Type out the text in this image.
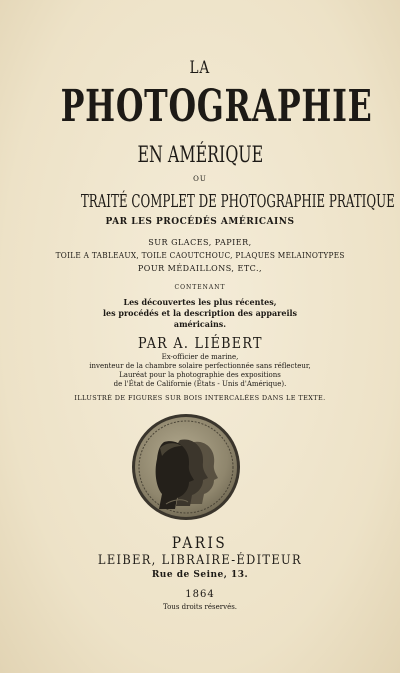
LA

PHOTOGRAPHIE

EN AMÉRIQUE

OU

TRAITÉ COMPLET DE PHOTOGRAPHIE PRATIQUE

PAR LES PROCÉDÉS AMÉRICAINS

SUR GLACES, PAPIER,

TOILE A TABLEAUX, TOILE CAOUTCHOUC, PLAQUES MÉLAINOTYPES

POUR MÉDAILLONS, ETC.,

CONTENANT

Les découvertes les plus récentes,

les procédés et la description des appareils

américains.

PAR A. LIÉBERT

Ex-officier de marine,

inventeur de la chambre solaire perfectionnée sans réflecteur,

Lauréat pour la photographie des expositions

de l'État de Californie (États - Unis d'Amérique).

ILLUSTRÉ DE FIGURES SUR BOIS INTERCALÉES DANS LE TEXTE.

PARIS

LEIBER, LIBRAIRE-ÉDITEUR

Rue de Seine, 13.

1864

Tous droits réservés.
